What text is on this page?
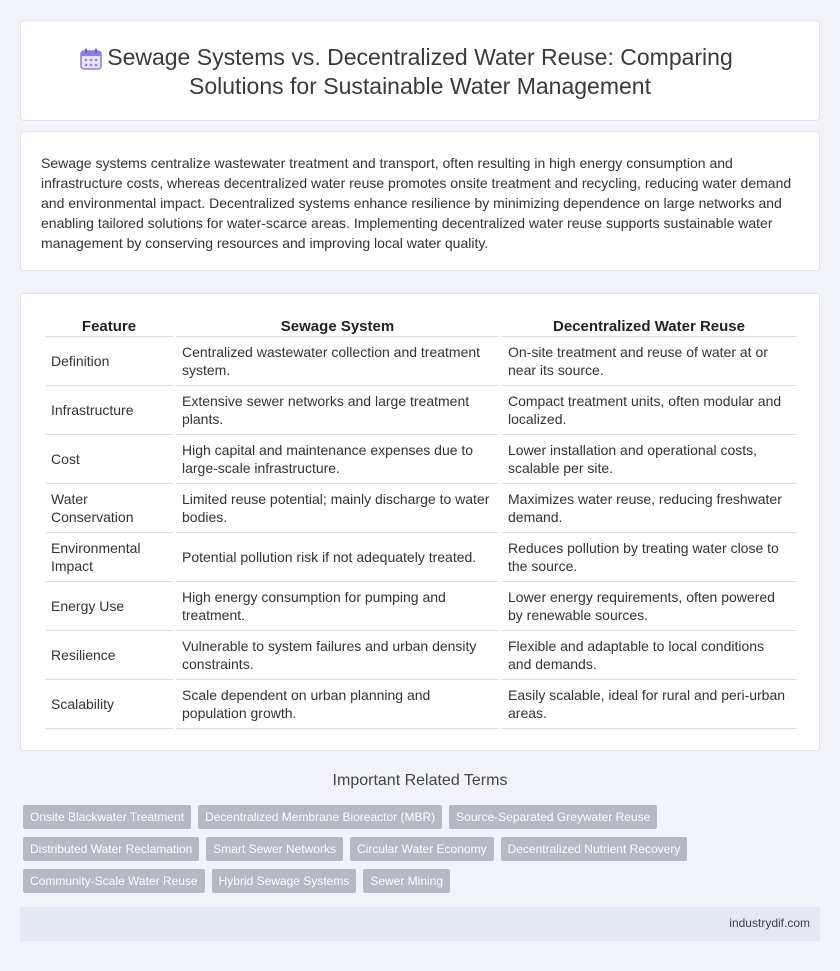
Sewage Systems vs. Decentralized Water Reuse: Comparing Solutions for Sustainable Water Management

Sewage systems centralize wastewater treatment and transport, often resulting in high energy consumption and infrastructure costs, whereas decentralized water reuse promotes onsite treatment and recycling, reducing water demand and environmental impact. Decentralized systems enhance resilience by minimizing dependence on large networks and enabling tailored solutions for water-scarce areas. Implementing decentralized water reuse supports sustainable water management by conserving resources and improving local water quality.

Feature	Sewage System	Decentralized Water Reuse
Definition	Centralized wastewater collection and treatment system.	On-site treatment and reuse of water at or near its source.
Infrastructure	Extensive sewer networks and large treatment plants.	Compact treatment units, often modular and localized.
Cost	High capital and maintenance expenses due to large-scale infrastructure.	Lower installation and operational costs, scalable per site.
Water Conservation	Limited reuse potential; mainly discharge to water bodies.	Maximizes water reuse, reducing freshwater demand.
Environmental Impact	Potential pollution risk if not adequately treated.	Reduces pollution by treating water close to the source.
Energy Use	High energy consumption for pumping and treatment.	Lower energy requirements, often powered by renewable sources.
Resilience	Vulnerable to system failures and urban density constraints.	Flexible and adaptable to local conditions and demands.
Scalability	Scale dependent on urban planning and population growth.	Easily scalable, ideal for rural and peri-urban areas.
Important Related Terms
Onsite Blackwater Treatment	Decentralized Membrane Bioreactor (MBR)	Source-Separated Greywater Reuse
Distributed Water Reclamation	Smart Sewer Networks	Circular Water Economy	Decentralized Nutrient Recovery
Community-Scale Water Reuse	Hybrid Sewage Systems	Sewer Mining
industrydif.com
